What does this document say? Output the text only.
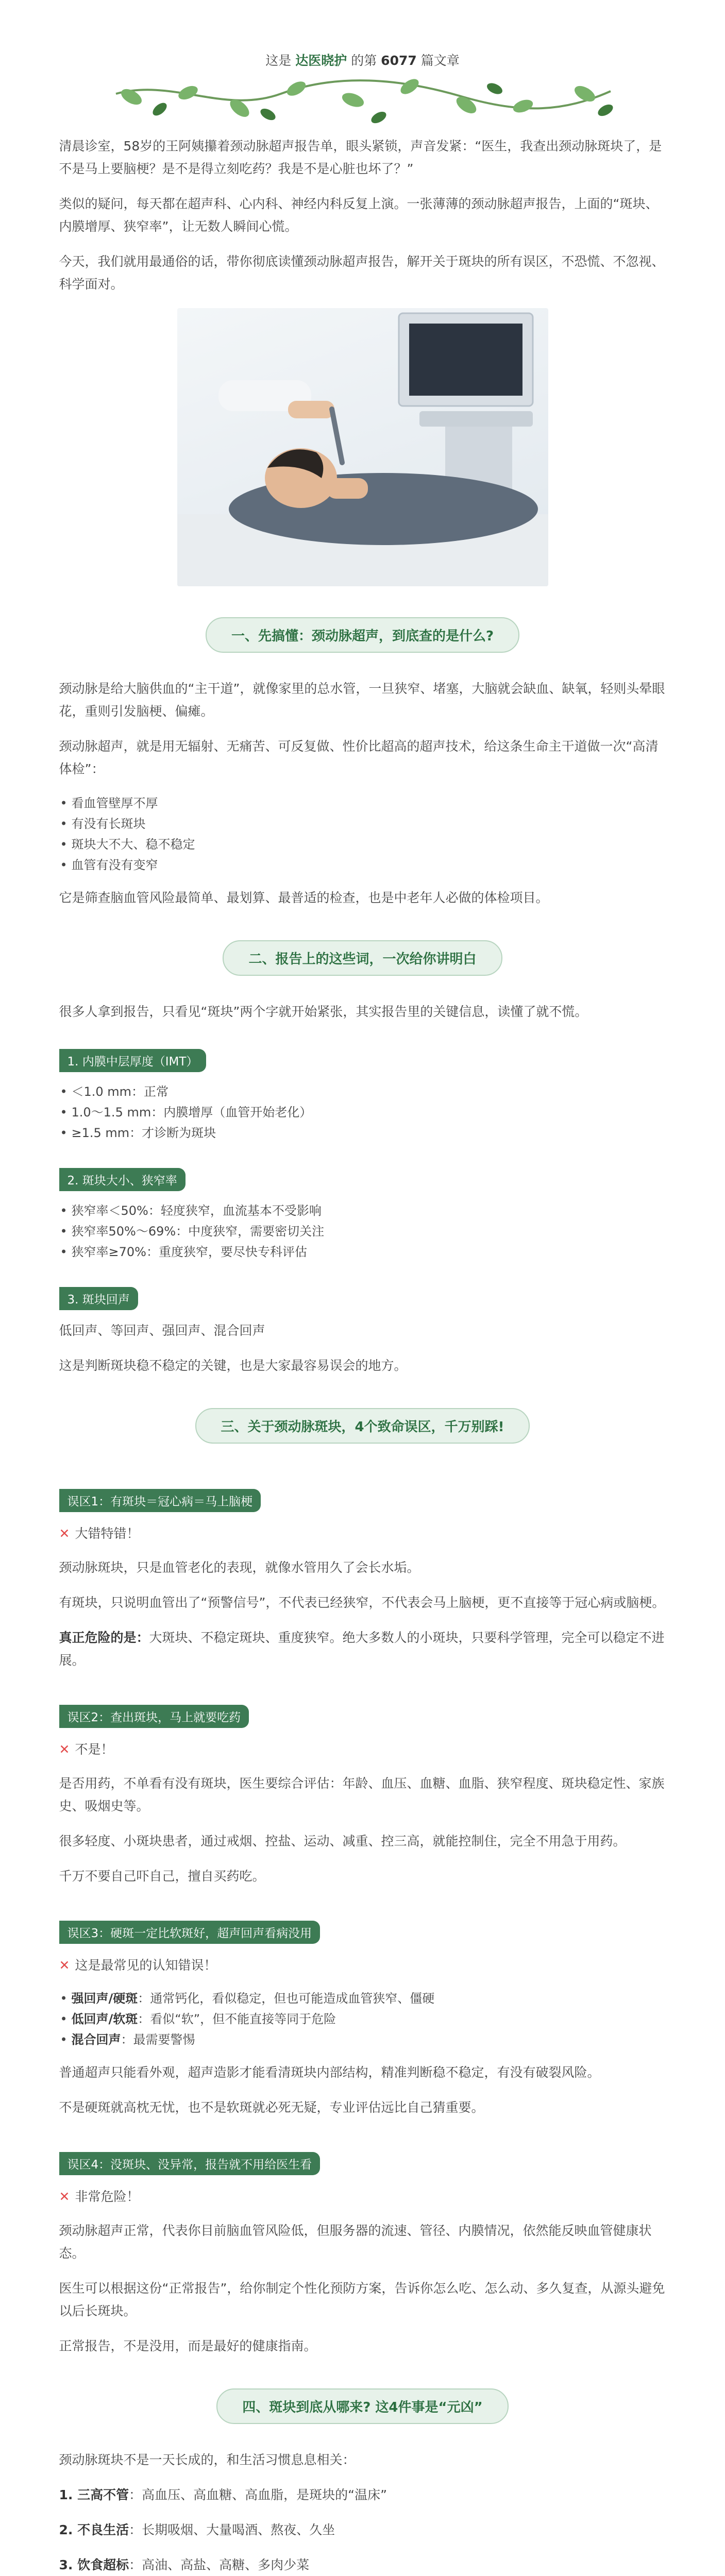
这是 达医晓护 的第 6077 篇文章

清晨诊室，58岁的王阿姨攥着颈动脉超声报告单，眼头紧锁，声音发紧：“医生，我查出颈动脉斑块了，是不是马上要脑梗？是不是得立刻吃药？我是不是心脏也坏了？”

类似的疑问，每天都在超声科、心内科、神经内科反复上演。一张薄薄的颈动脉超声报告，上面的“斑块、内膜增厚、狭窄率”，让无数人瞬间心慌。

今天，我们就用最通俗的话，带你彻底读懂颈动脉超声报告，解开关于斑块的所有误区，不恐慌、不忽视、科学面对。

一、先搞懂：颈动脉超声，到底查的是什么?

颈动脉是给大脑供血的“主干道”，就像家里的总水管，一旦狭窄、堵塞，大脑就会缺血、缺氧，轻则头晕眼花，重则引发脑梗、偏瘫。

颈动脉超声，就是用无辐射、无痛苦、可反复做、性价比超高的超声技术，给这条生命主干道做一次“高清体检”：

• 看血管壁厚不厚
• 有没有长斑块
• 斑块大不大、稳不稳定
• 血管有没有变窄

它是筛查脑血管风险最简单、最划算、最普适的检查，也是中老年人必做的体检项目。

二、报告上的这些词，一次给你讲明白

很多人拿到报告，只看见“斑块”两个字就开始紧张，其实报告里的关键信息，读懂了就不慌。

1. 内膜中层厚度（IMT）
• ＜1.0 mm：正常
• 1.0～1.5 mm：内膜增厚（血管开始老化）
• ≥1.5 mm：才诊断为斑块
2. 斑块大小、狭窄率
• 狭窄率＜50%：轻度狭窄，血流基本不受影响
• 狭窄率50%～69%：中度狭窄，需要密切关注
• 狭窄率≥70%：重度狭窄，要尽快专科评估
3. 斑块回声

低回声、等回声、强回声、混合回声

这是判断斑块稳不稳定的关键，也是大家最容易误会的地方。

三、关于颈动脉斑块，4个致命误区，千万别踩!
误区1：有斑块＝冠心病＝马上脑梗
✕ 大错特错！

颈动脉斑块，只是血管老化的表现，就像水管用久了会长水垢。

有斑块，只说明血管出了“预警信号”，不代表已经狭窄，不代表会马上脑梗，更不直接等于冠心病或脑梗。

真正危险的是：大斑块、不稳定斑块、重度狭窄。绝大多数人的小斑块，只要科学管理，完全可以稳定不进展。

误区2：查出斑块，马上就要吃药
✕ 不是！

是否用药，不单看有没有斑块，医生要综合评估：年龄、血压、血糖、血脂、狭窄程度、斑块稳定性、家族史、吸烟史等。

很多轻度、小斑块患者，通过戒烟、控盐、运动、减重、控三高，就能控制住，完全不用急于用药。

千万不要自己吓自己，擅自买药吃。

误区3：硬斑一定比软斑好，超声回声看病没用
✕ 这是最常见的认知错误！
• 强回声/硬斑：通常钙化，看似稳定，但也可能造成血管狭窄、僵硬
• 低回声/软斑：看似“软”，但不能直接等同于危险
• 混合回声：最需要警惕

普通超声只能看外观，超声造影才能看清斑块内部结构，精准判断稳不稳定，有没有破裂风险。

不是硬斑就高枕无忧，也不是软斑就必死无疑，专业评估远比自己猜重要。

误区4：没斑块、没异常，报告就不用给医生看
✕ 非常危险！

颈动脉超声正常，代表你目前脑血管风险低，但服务器的流速、管径、内膜情况，依然能反映血管健康状态。

医生可以根据这份“正常报告”，给你制定个性化预防方案，告诉你怎么吃、怎么动、多久复查，从源头避免以后长斑块。

正常报告，不是没用，而是最好的健康指南。

四、斑块到底从哪来? 这4件事是“元凶”

颈动脉斑块不是一天长成的，和生活习惯息息相关：

1. 三高不管：高血压、高血糖、高血脂，是斑块的“温床”

2. 不良生活：长期吸烟、大量喝酒、熬夜、久坐

3. 饮食超标：高油、高盐、高糖、多肉少菜
